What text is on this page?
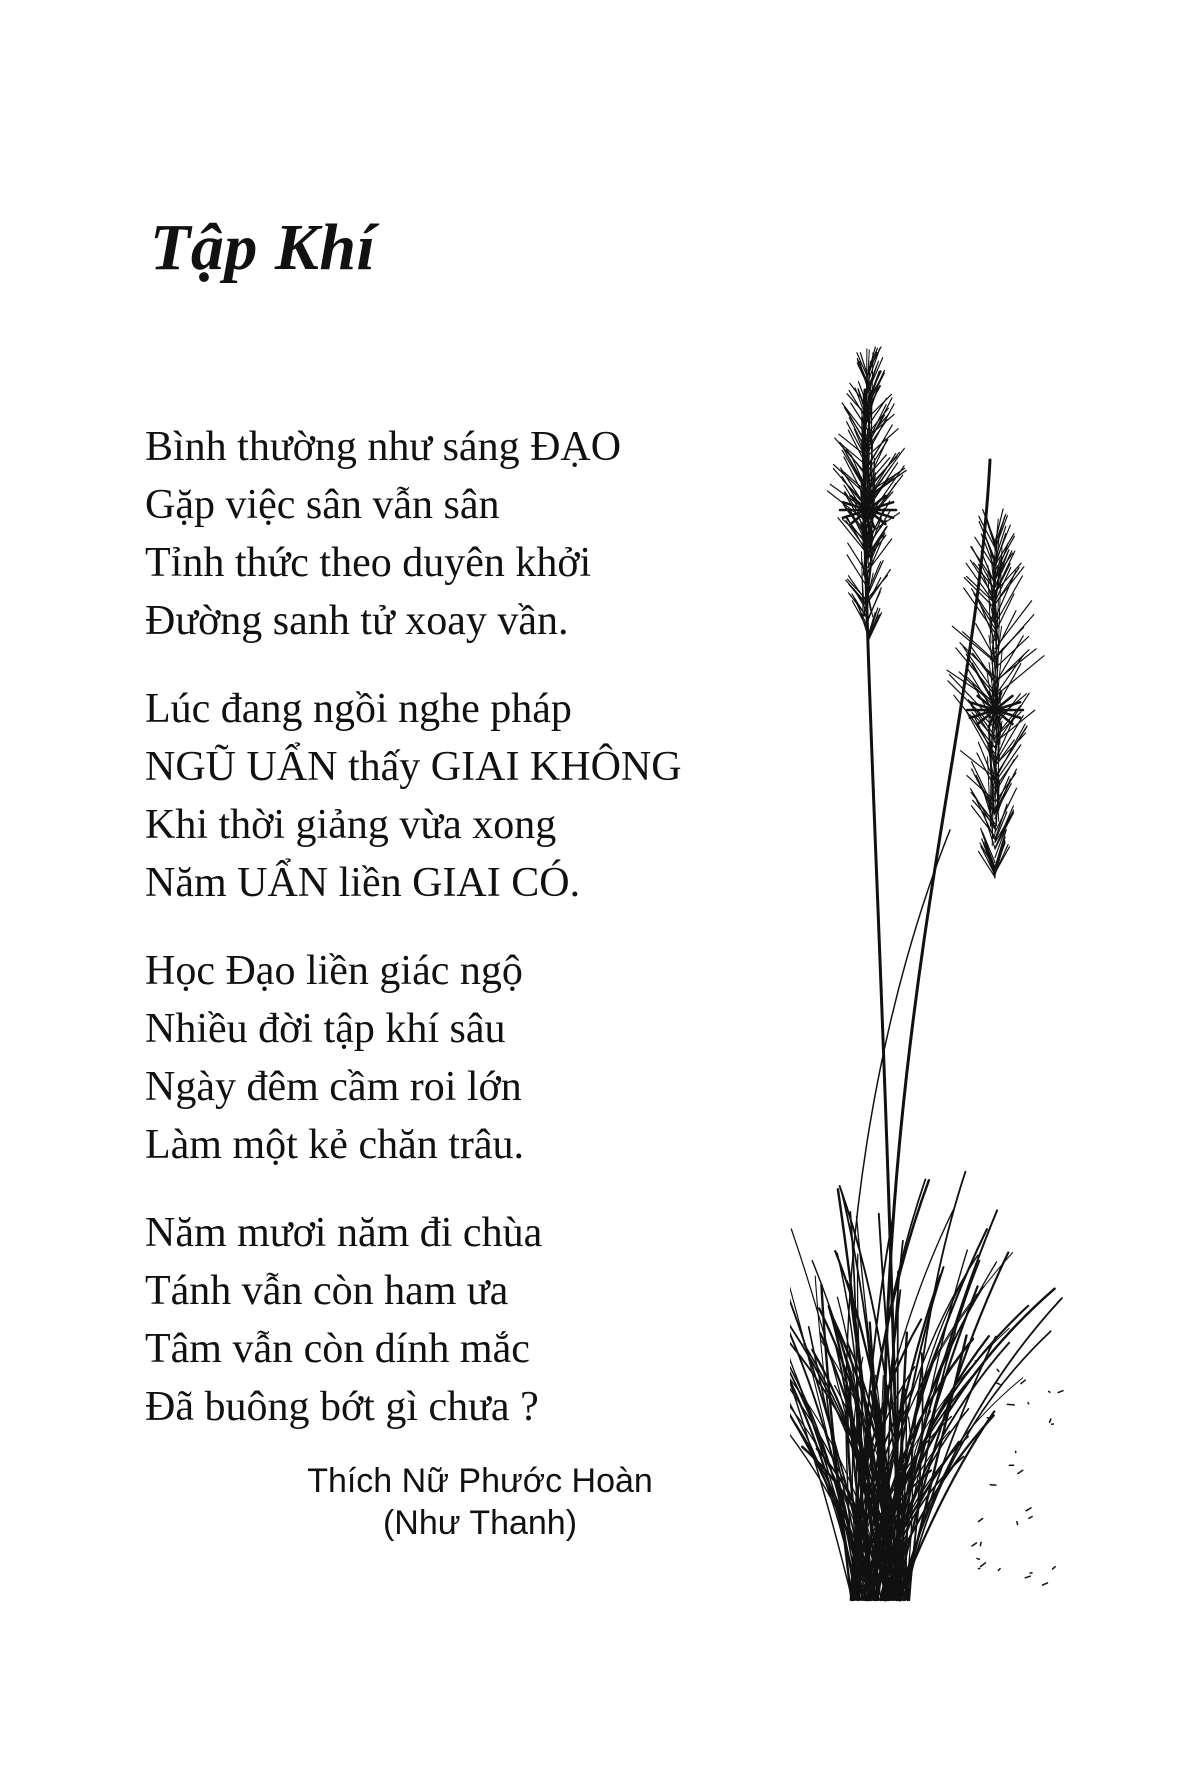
Tập Khí
Bình thường như sáng ĐẠO
Gặp việc sân vẫn sân
Tỉnh thức theo duyên khởi
Đường sanh tử xoay vần.
Lúc đang ngồi nghe pháp
NGŨ UẨN thấy GIAI KHÔNG
Khi thời giảng vừa xong
Năm UẨN liền GIAI CÓ.
Học Đạo liền giác ngộ
Nhiều đời tập khí sâu
Ngày đêm cầm roi lớn
Làm một kẻ chăn trâu.
Năm mươi năm đi chùa
Tánh vẫn còn ham ưa
Tâm vẫn còn dính mắc
Đã buông bớt gì chưa ?
Thích Nữ Phước Hoàn
(Như Thanh)
